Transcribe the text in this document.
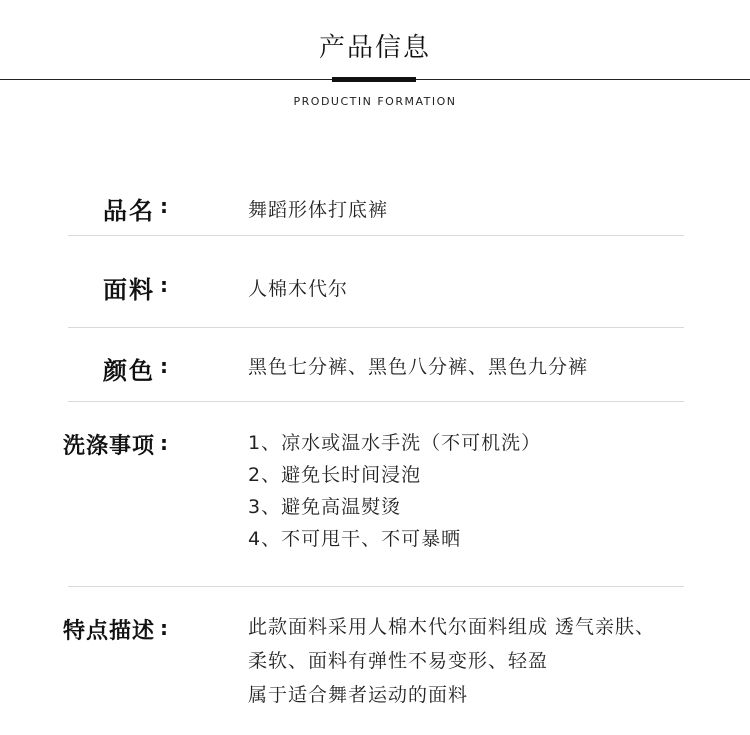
产品信息
PRODUCTIN FORMATION
品名 :	舞蹈形体打底裤
面料 :	人棉木代尔
颜色 :	黑色七分裤、黑色八分裤、黑色九分裤
洗涤事项 :	1、凉水或温水手洗（不可机洗）
2、避免长时间浸泡
3、避免高温熨烫
4、不可甩干、不可暴晒
特点描述 :	此款面料采用人棉木代尔面料组成 透气亲肤、
柔软、面料有弹性不易变形、轻盈
属于适合舞者运动的面料
